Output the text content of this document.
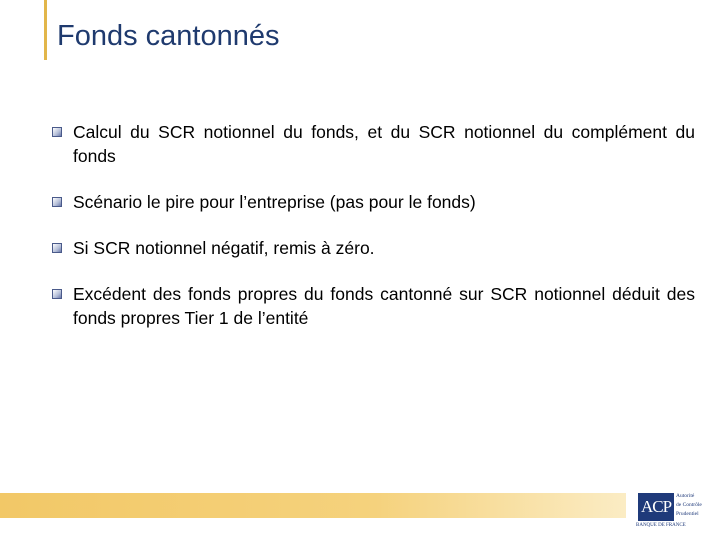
Fonds cantonnés
Calcul du SCR notionnel du fonds, et du SCR notionnel du complément du fonds
Scénario le pire pour l’entreprise (pas pour le fonds)
Si SCR notionnel négatif, remis à zéro.
Excédent des fonds propres du fonds cantonné sur SCR notionnel déduit des fonds propres Tier 1 de l’entité
ACP
Autorité
de Contrôle
Prudentiel
BANQUE DE FRANCE
